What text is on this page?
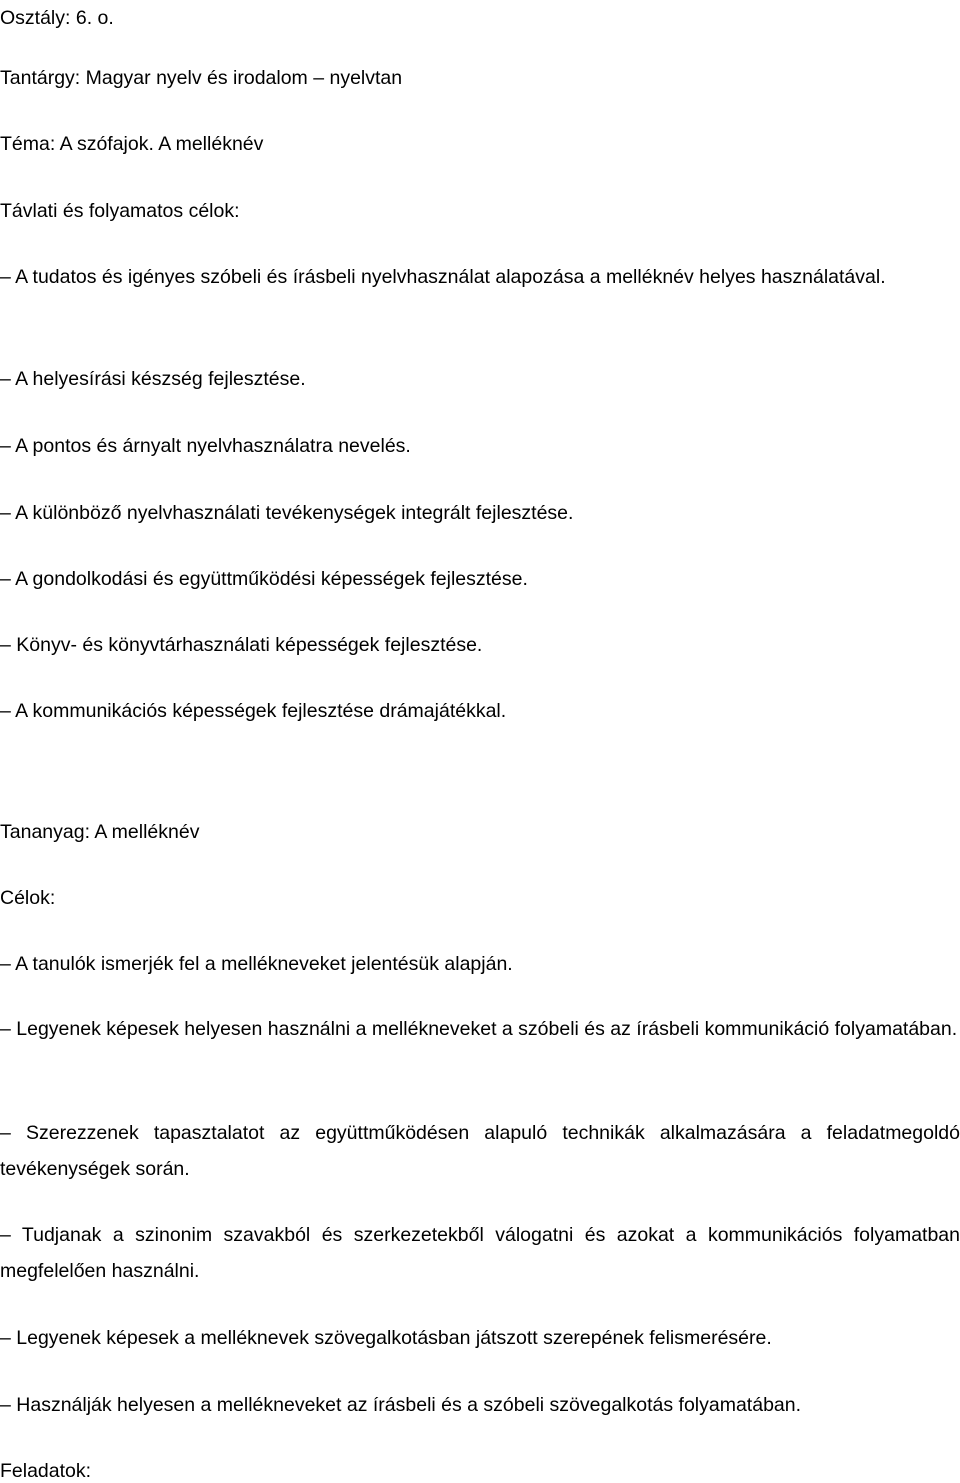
Osztály: 6. o.

Tantárgy: Magyar nyelv és irodalom – nyelvtan

Téma: A szófajok. A melléknév

Távlati és folyamatos célok:

– A tudatos és igényes szóbeli és írásbeli nyelvhasználat alapozása a melléknév helyes használatával.

– A helyesírási készség fejlesztése.

– A pontos és árnyalt nyelvhasználatra nevelés.

– A különböző nyelvhasználati tevékenységek integrált fejlesztése.

– A gondolkodási és együttműködési képességek fejlesztése.

– Könyv- és könyvtárhasználati képességek fejlesztése.

– A kommunikációs képességek fejlesztése drámajátékkal.

Tananyag: A melléknév

Célok:

– A tanulók ismerjék fel a mellékneveket jelentésük alapján.

– Legyenek képesek helyesen használni a mellékneveket a szóbeli és az írásbeli kommunikáció folyamatában.

– Szerezzenek tapasztalatot az együttműködésen alapuló technikák alkalmazására a feladatmegoldó tevékenységek során.

– Tudjanak a szinonim szavakból és szerkezetekből válogatni és azokat a kommunikációs folyamatban megfelelően használni.

– Legyenek képesek a melléknevek szövegalkotásban játszott szerepének felismerésére.

– Használják helyesen a mellékneveket az írásbeli és a szóbeli szövegalkotás folyamatában.

Feladatok:
